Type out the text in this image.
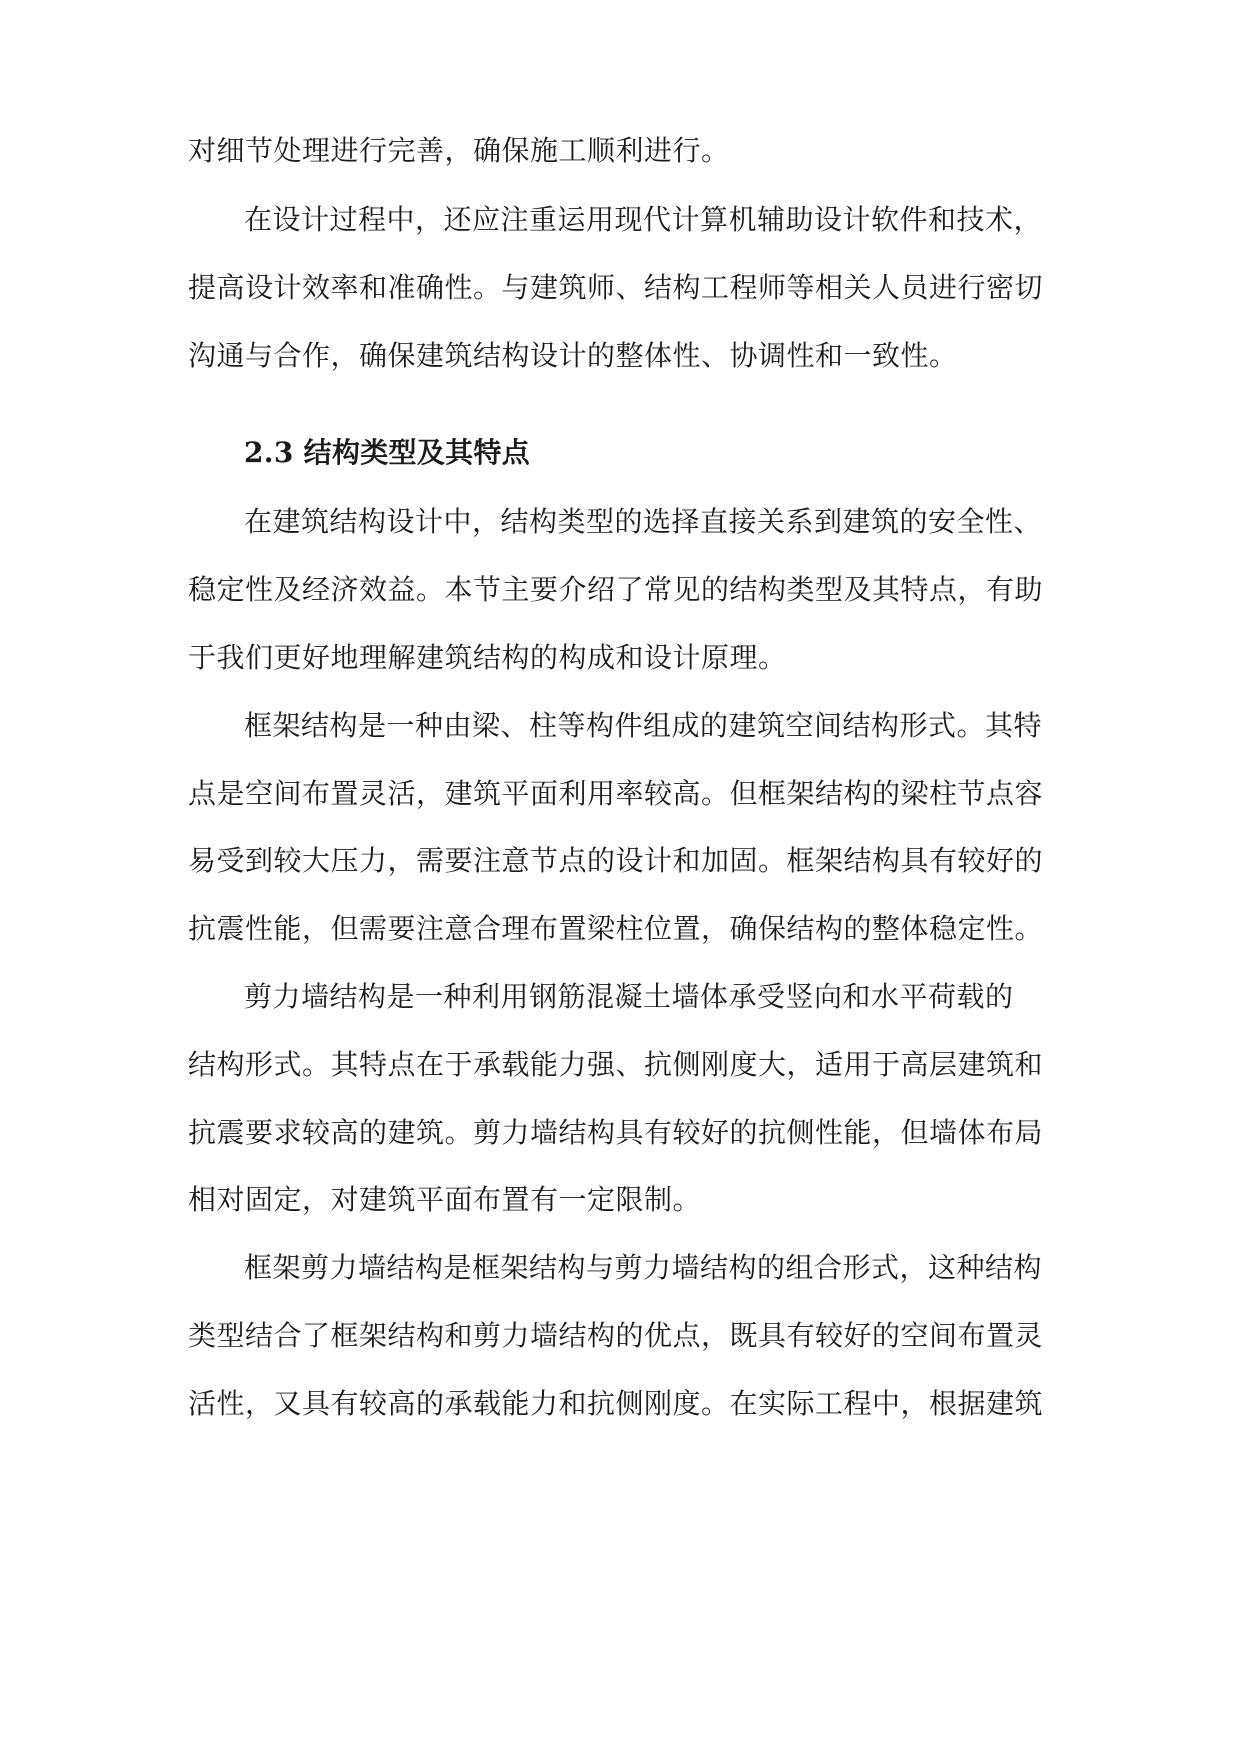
对细节处理进行完善，确保施工顺利进行。

在设计过程中，还应注重运用现代计算机辅助设计软件和技术，

提高设计效率和准确性。与建筑师、结构工程师等相关人员进行密切

沟通与合作，确保建筑结构设计的整体性、协调性和一致性。

2.3 结构类型及其特点

在建筑结构设计中，结构类型的选择直接关系到建筑的安全性、

稳定性及经济效益。本节主要介绍了常见的结构类型及其特点，有助

于我们更好地理解建筑结构的构成和设计原理。

框架结构是一种由梁、柱等构件组成的建筑空间结构形式。其特

点是空间布置灵活，建筑平面利用率较高。但框架结构的梁柱节点容

易受到较大压力，需要注意节点的设计和加固。框架结构具有较好的

抗震性能，但需要注意合理布置梁柱位置，确保结构的整体稳定性。

剪力墙结构是一种利用钢筋混凝土墙体承受竖向和水平荷载的

结构形式。其特点在于承载能力强、抗侧刚度大，适用于高层建筑和

抗震要求较高的建筑。剪力墙结构具有较好的抗侧性能，但墙体布局

相对固定，对建筑平面布置有一定限制。

框架剪力墙结构是框架结构与剪力墙结构的组合形式，这种结构

类型结合了框架结构和剪力墙结构的优点，既具有较好的空间布置灵

活性，又具有较高的承载能力和抗侧刚度。在实际工程中，根据建筑
